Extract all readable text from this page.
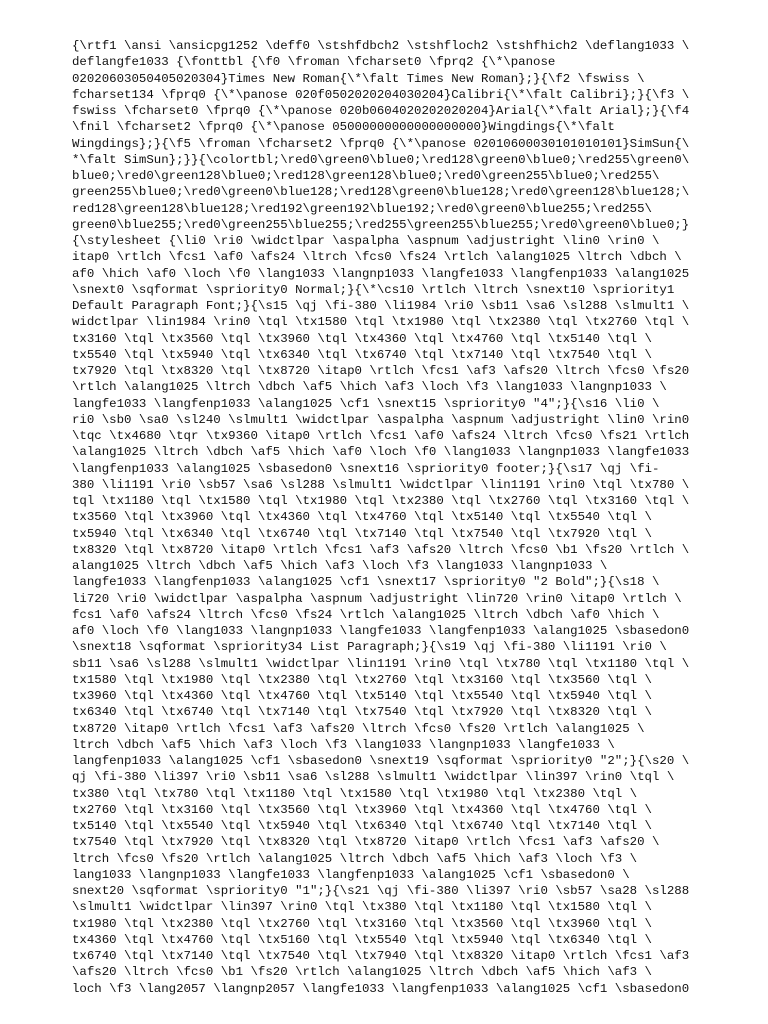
{\rtf1 \ansi \ansicpg1252 \deff0 \stshfdbch2 \stshfloch2 \stshfhich2 \deflang1033 \
deflangfe1033 {\fonttbl {\f0 \froman \fcharset0 \fprq2 {\*\panose
02020603050405020304}Times New Roman{\*\falt Times New Roman};}{\f2 \fswiss \
fcharset134 \fprq0 {\*\panose 020f0502020204030204}Calibri{\*\falt Calibri};}{\f3 \
fswiss \fcharset0 \fprq0 {\*\panose 020b0604020202020204}Arial{\*\falt Arial};}{\f4
\fnil \fcharset2 \fprq0 {\*\panose 05000000000000000000}Wingdings{\*\falt
Wingdings};}{\f5 \froman \fcharset2 \fprq0 {\*\panose 02010600030101010101}SimSun{\
*\falt SimSun};}}{\colortbl;\red0\green0\blue0;\red128\green0\blue0;\red255\green0\
blue0;\red0\green128\blue0;\red128\green128\blue0;\red0\green255\blue0;\red255\
green255\blue0;\red0\green0\blue128;\red128\green0\blue128;\red0\green128\blue128;\
red128\green128\blue128;\red192\green192\blue192;\red0\green0\blue255;\red255\
green0\blue255;\red0\green255\blue255;\red255\green255\blue255;\red0\green0\blue0;}
{\stylesheet {\li0 \ri0 \widctlpar \aspalpha \aspnum \adjustright \lin0 \rin0 \
itap0 \rtlch \fcs1 \af0 \afs24 \ltrch \fcs0 \fs24 \rtlch \alang1025 \ltrch \dbch \
af0 \hich \af0 \loch \f0 \lang1033 \langnp1033 \langfe1033 \langfenp1033 \alang1025
\snext0 \sqformat \spriority0 Normal;}{\*\cs10 \rtlch \ltrch \snext10 \spriority1
Default Paragraph Font;}{\s15 \qj \fi-380 \li1984 \ri0 \sb11 \sa6 \sl288 \slmult1 \
widctlpar \lin1984 \rin0 \tql \tx1580 \tql \tx1980 \tql \tx2380 \tql \tx2760 \tql \
tx3160 \tql \tx3560 \tql \tx3960 \tql \tx4360 \tql \tx4760 \tql \tx5140 \tql \
tx5540 \tql \tx5940 \tql \tx6340 \tql \tx6740 \tql \tx7140 \tql \tx7540 \tql \
tx7920 \tql \tx8320 \tql \tx8720 \itap0 \rtlch \fcs1 \af3 \afs20 \ltrch \fcs0 \fs20
\rtlch \alang1025 \ltrch \dbch \af5 \hich \af3 \loch \f3 \lang1033 \langnp1033 \
langfe1033 \langfenp1033 \alang1025 \cf1 \snext15 \spriority0 "4";}{\s16 \li0 \
ri0 \sb0 \sa0 \sl240 \slmult1 \widctlpar \aspalpha \aspnum \adjustright \lin0 \rin0
\tqc \tx4680 \tqr \tx9360 \itap0 \rtlch \fcs1 \af0 \afs24 \ltrch \fcs0 \fs21 \rtlch
\alang1025 \ltrch \dbch \af5 \hich \af0 \loch \f0 \lang1033 \langnp1033 \langfe1033
\langfenp1033 \alang1025 \sbasedon0 \snext16 \spriority0 footer;}{\s17 \qj \fi-
380 \li1191 \ri0 \sb57 \sa6 \sl288 \slmult1 \widctlpar \lin1191 \rin0 \tql \tx780 \
tql \tx1180 \tql \tx1580 \tql \tx1980 \tql \tx2380 \tql \tx2760 \tql \tx3160 \tql \
tx3560 \tql \tx3960 \tql \tx4360 \tql \tx4760 \tql \tx5140 \tql \tx5540 \tql \
tx5940 \tql \tx6340 \tql \tx6740 \tql \tx7140 \tql \tx7540 \tql \tx7920 \tql \
tx8320 \tql \tx8720 \itap0 \rtlch \fcs1 \af3 \afs20 \ltrch \fcs0 \b1 \fs20 \rtlch \
alang1025 \ltrch \dbch \af5 \hich \af3 \loch \f3 \lang1033 \langnp1033 \
langfe1033 \langfenp1033 \alang1025 \cf1 \snext17 \spriority0 "2 Bold";}{\s18 \
li720 \ri0 \widctlpar \aspalpha \aspnum \adjustright \lin720 \rin0 \itap0 \rtlch \
fcs1 \af0 \afs24 \ltrch \fcs0 \fs24 \rtlch \alang1025 \ltrch \dbch \af0 \hich \
af0 \loch \f0 \lang1033 \langnp1033 \langfe1033 \langfenp1033 \alang1025 \sbasedon0
\snext18 \sqformat \spriority34 List Paragraph;}{\s19 \qj \fi-380 \li1191 \ri0 \
sb11 \sa6 \sl288 \slmult1 \widctlpar \lin1191 \rin0 \tql \tx780 \tql \tx1180 \tql \
tx1580 \tql \tx1980 \tql \tx2380 \tql \tx2760 \tql \tx3160 \tql \tx3560 \tql \
tx3960 \tql \tx4360 \tql \tx4760 \tql \tx5140 \tql \tx5540 \tql \tx5940 \tql \
tx6340 \tql \tx6740 \tql \tx7140 \tql \tx7540 \tql \tx7920 \tql \tx8320 \tql \
tx8720 \itap0 \rtlch \fcs1 \af3 \afs20 \ltrch \fcs0 \fs20 \rtlch \alang1025 \
ltrch \dbch \af5 \hich \af3 \loch \f3 \lang1033 \langnp1033 \langfe1033 \
langfenp1033 \alang1025 \cf1 \sbasedon0 \snext19 \sqformat \spriority0 "2";}{\s20 \
qj \fi-380 \li397 \ri0 \sb11 \sa6 \sl288 \slmult1 \widctlpar \lin397 \rin0 \tql \
tx380 \tql \tx780 \tql \tx1180 \tql \tx1580 \tql \tx1980 \tql \tx2380 \tql \
tx2760 \tql \tx3160 \tql \tx3560 \tql \tx3960 \tql \tx4360 \tql \tx4760 \tql \
tx5140 \tql \tx5540 \tql \tx5940 \tql \tx6340 \tql \tx6740 \tql \tx7140 \tql \
tx7540 \tql \tx7920 \tql \tx8320 \tql \tx8720 \itap0 \rtlch \fcs1 \af3 \afs20 \
ltrch \fcs0 \fs20 \rtlch \alang1025 \ltrch \dbch \af5 \hich \af3 \loch \f3 \
lang1033 \langnp1033 \langfe1033 \langfenp1033 \alang1025 \cf1 \sbasedon0 \
snext20 \sqformat \spriority0 "1";}{\s21 \qj \fi-380 \li397 \ri0 \sb57 \sa28 \sl288
\slmult1 \widctlpar \lin397 \rin0 \tql \tx380 \tql \tx1180 \tql \tx1580 \tql \
tx1980 \tql \tx2380 \tql \tx2760 \tql \tx3160 \tql \tx3560 \tql \tx3960 \tql \
tx4360 \tql \tx4760 \tql \tx5160 \tql \tx5540 \tql \tx5940 \tql \tx6340 \tql \
tx6740 \tql \tx7140 \tql \tx7540 \tql \tx7940 \tql \tx8320 \itap0 \rtlch \fcs1 \af3
\afs20 \ltrch \fcs0 \b1 \fs20 \rtlch \alang1025 \ltrch \dbch \af5 \hich \af3 \
loch \f3 \lang2057 \langnp2057 \langfe1033 \langfenp1033 \alang1025 \cf1 \sbasedon0
